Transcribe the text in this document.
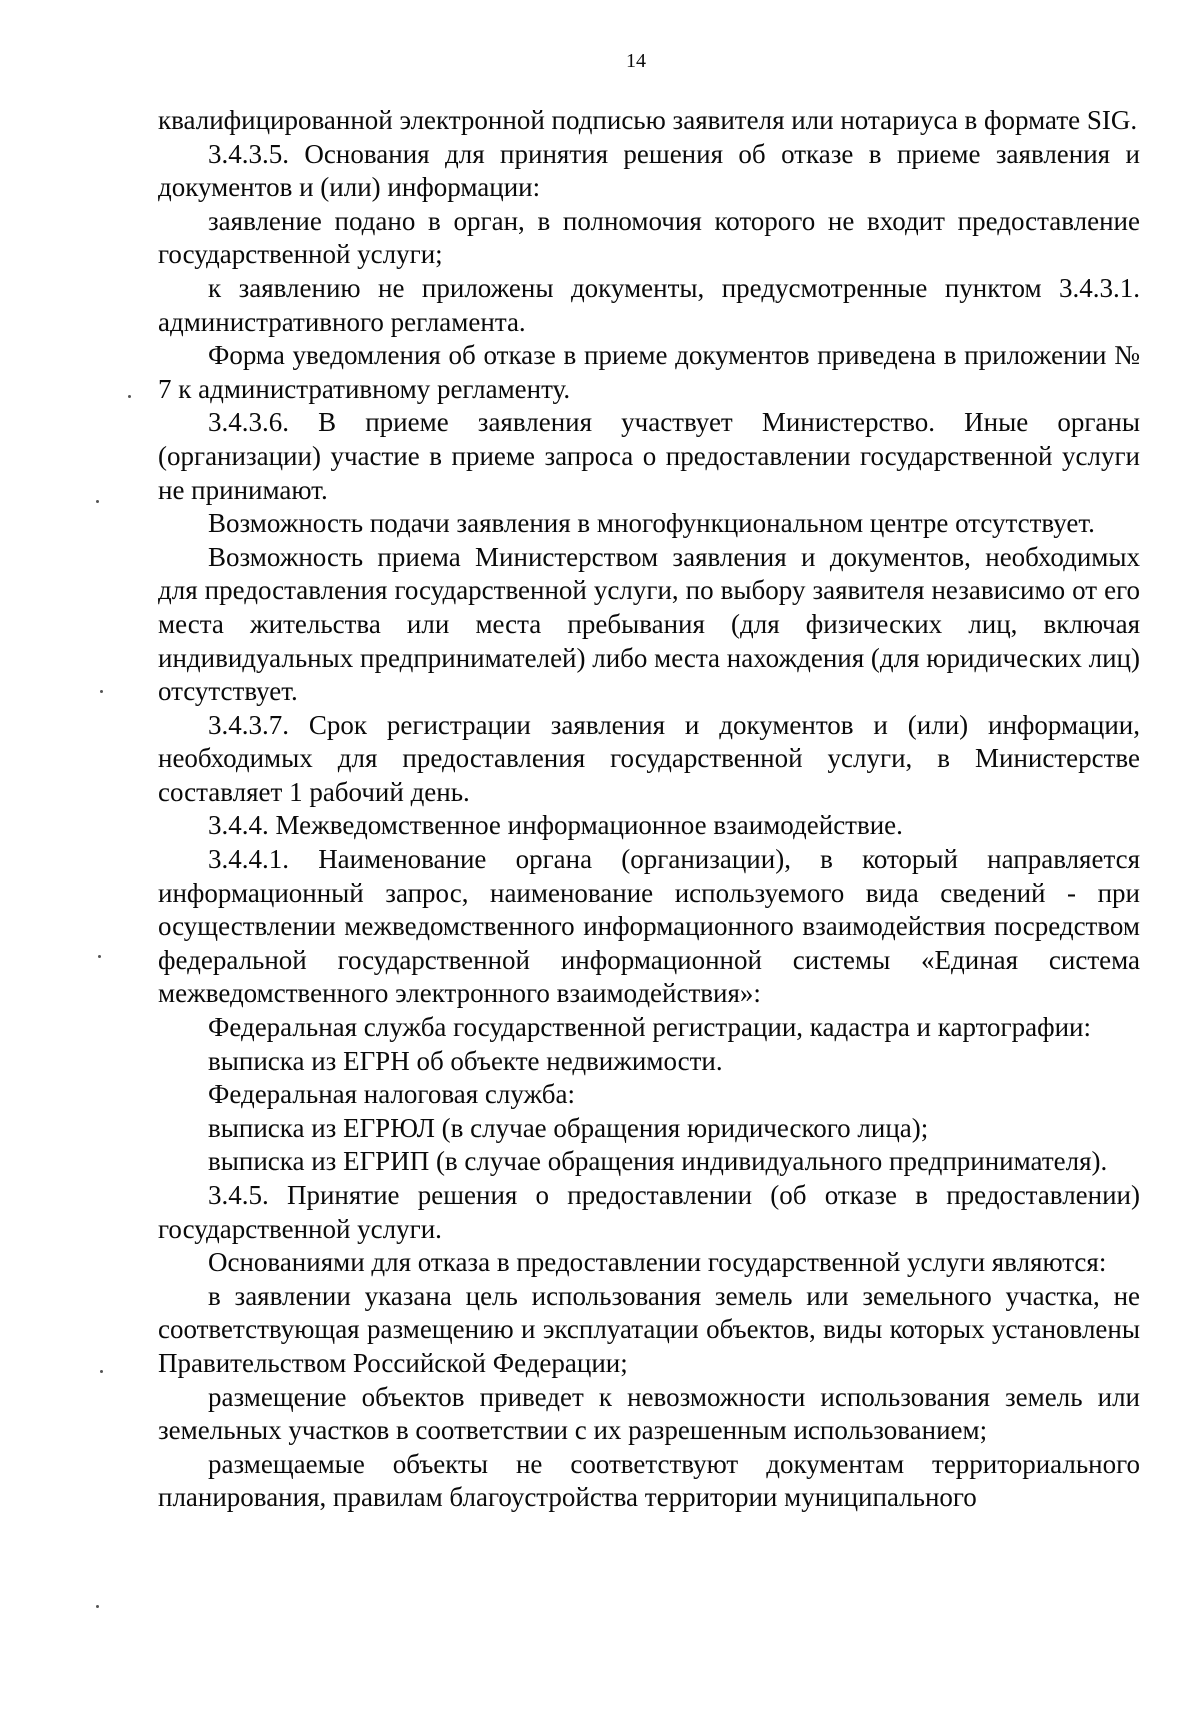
14

квалифицированной электронной подписью заявителя или нотариуса в формате SIG.

3.4.3.5. Основания для принятия решения об отказе в приеме заявления и документов и (или) информации:

заявление подано в орган, в полномочия которого не входит предоставление государственной услуги;

к заявлению не приложены документы, предусмотренные пунктом 3.4.3.1. административного регламента.

Форма уведомления об отказе в приеме документов приведена в приложении № 7 к административному регламенту.

3.4.3.6. В приеме заявления участвует Министерство. Иные органы (организации) участие в приеме запроса о предоставлении государственной услуги не принимают.

Возможность подачи заявления в многофункциональном центре отсутствует.

Возможность приема Министерством заявления и документов, необходимых для предоставления государственной услуги, по выбору заявителя независимо от его места жительства или места пребывания (для физических лиц, включая индивидуальных предпринимателей) либо места нахождения (для юридических лиц) отсутствует.

3.4.3.7. Срок регистрации заявления и документов и (или) информации, необходимых для предоставления государственной услуги, в Министерстве составляет 1 рабочий день.

3.4.4. Межведомственное информационное взаимодействие.

3.4.4.1. Наименование органа (организации), в который направляется информационный запрос, наименование используемого вида сведений - при осуществлении межведомственного информационного взаимодействия посредством федеральной государственной информационной системы «Единая система межведомственного электронного взаимодействия»:

Федеральная служба государственной регистрации, кадастра и картографии:

выписка из ЕГРН об объекте недвижимости.

Федеральная налоговая служба:

выписка из ЕГРЮЛ (в случае обращения юридического лица);

выписка из ЕГРИП (в случае обращения индивидуального предпринимателя).

3.4.5. Принятие решения о предоставлении (об отказе в предоставлении) государственной услуги.

Основаниями для отказа в предоставлении государственной услуги являются:

в заявлении указана цель использования земель или земельного участка, не соответствующая размещению и эксплуатации объектов, виды которых установлены Правительством Российской Федерации;

размещение объектов приведет к невозможности использования земель или земельных участков в соответствии с их разрешенным использованием;

размещаемые объекты не соответствуют документам территориального планирования, правилам благоустройства территории муниципального
